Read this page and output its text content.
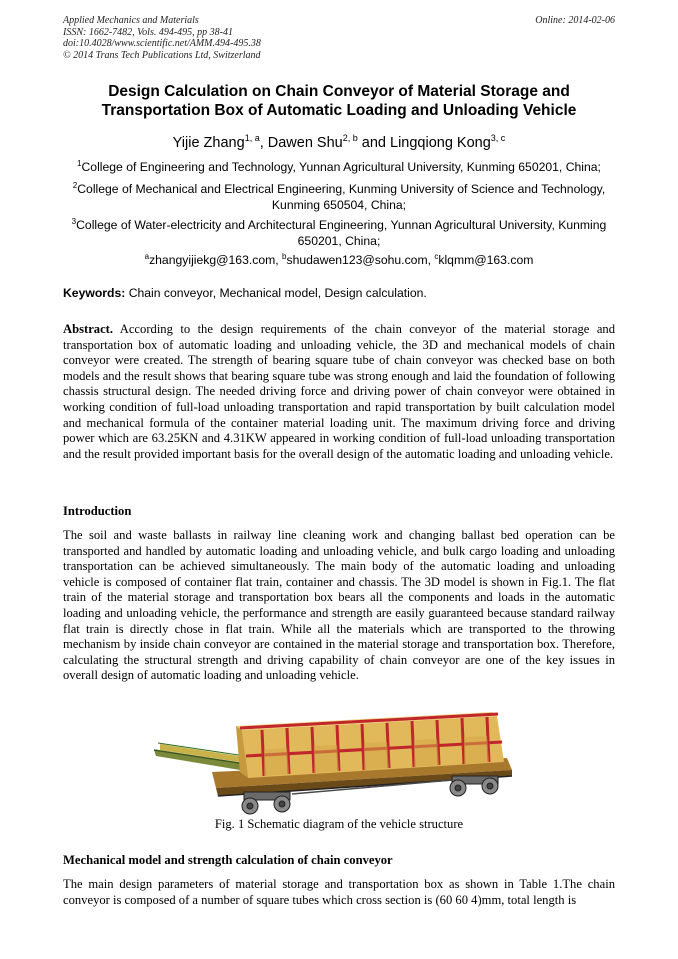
Applied Mechanics and Materials
ISSN: 1662-7482, Vols. 494-495, pp 38-41
doi:10.4028/www.scientific.net/AMM.494-495.38
© 2014 Trans Tech Publications Ltd, Switzerland
Online: 2014-02-06
Design Calculation on Chain Conveyor of Material Storage and
Transportation Box of Automatic Loading and Unloading Vehicle
Yijie Zhang$^{1, a}$, Dawen Shu$^{2, b}$ and Lingqiong Kong$^{3, c}$
$^1$College of Engineering and Technology, Yunnan Agricultural University, Kunming 650201, China;
$^2$College of Mechanical and Electrical Engineering, Kunming University of Science and Technology,
Kunming 650504, China;
$^3$College of Water-electricity and Architectural Engineering, Yunnan Agricultural University, Kunming
650201, China;
$^a$zhangyijiekg@163.com, $^b$shudawen123@sohu.com, $^c$klqmm@163.com
Keywords: Chain conveyor, Mechanical model, Design calculation.
Abstract. According to the design requirements of the chain conveyor of the material storage and transportation box of automatic loading and unloading vehicle, the 3D and mechanical models of chain conveyor were created. The strength of bearing square tube of chain conveyor was checked base on both models and the result shows that bearing square tube was strong enough and laid the foundation of following chassis structural design. The needed driving force and driving power of chain conveyor were obtained in working condition of full-load unloading transportation and rapid transportation by built calculation model and mechanical formula of the container material loading unit. The maximum driving force and driving power which are 63.25KN and 4.31KW appeared in working condition of full-load unloading transportation and the result provided important basis for the overall design of the automatic loading and unloading vehicle.
Introduction
The soil and waste ballasts in railway line cleaning work and changing ballast bed operation can be transported and handled by automatic loading and unloading vehicle, and bulk cargo loading and unloading transportation can be achieved simultaneously. The main body of the automatic loading and unloading vehicle is composed of container flat train, container and chassis. The 3D model is shown in Fig.1. The flat train of the material storage and transportation box bears all the components and loads in the automatic loading and unloading vehicle, the performance and strength are easily guaranteed because standard railway flat train is directly chose in flat train. While all the materials which are transported to the throwing mechanism by inside chain conveyor are contained in the material storage and transportation box. Therefore, calculating the structural strength and driving capability of chain conveyor are one of the key issues in overall design of automatic loading and unloading vehicle.
Fig. 1 Schematic diagram of the vehicle structure
Mechanical model and strength calculation of chain conveyor
The main design parameters of material storage and transportation box as shown in Table 1.The chain conveyor is composed of a number of square tubes which cross section is (60 60 4)mm, total length is
